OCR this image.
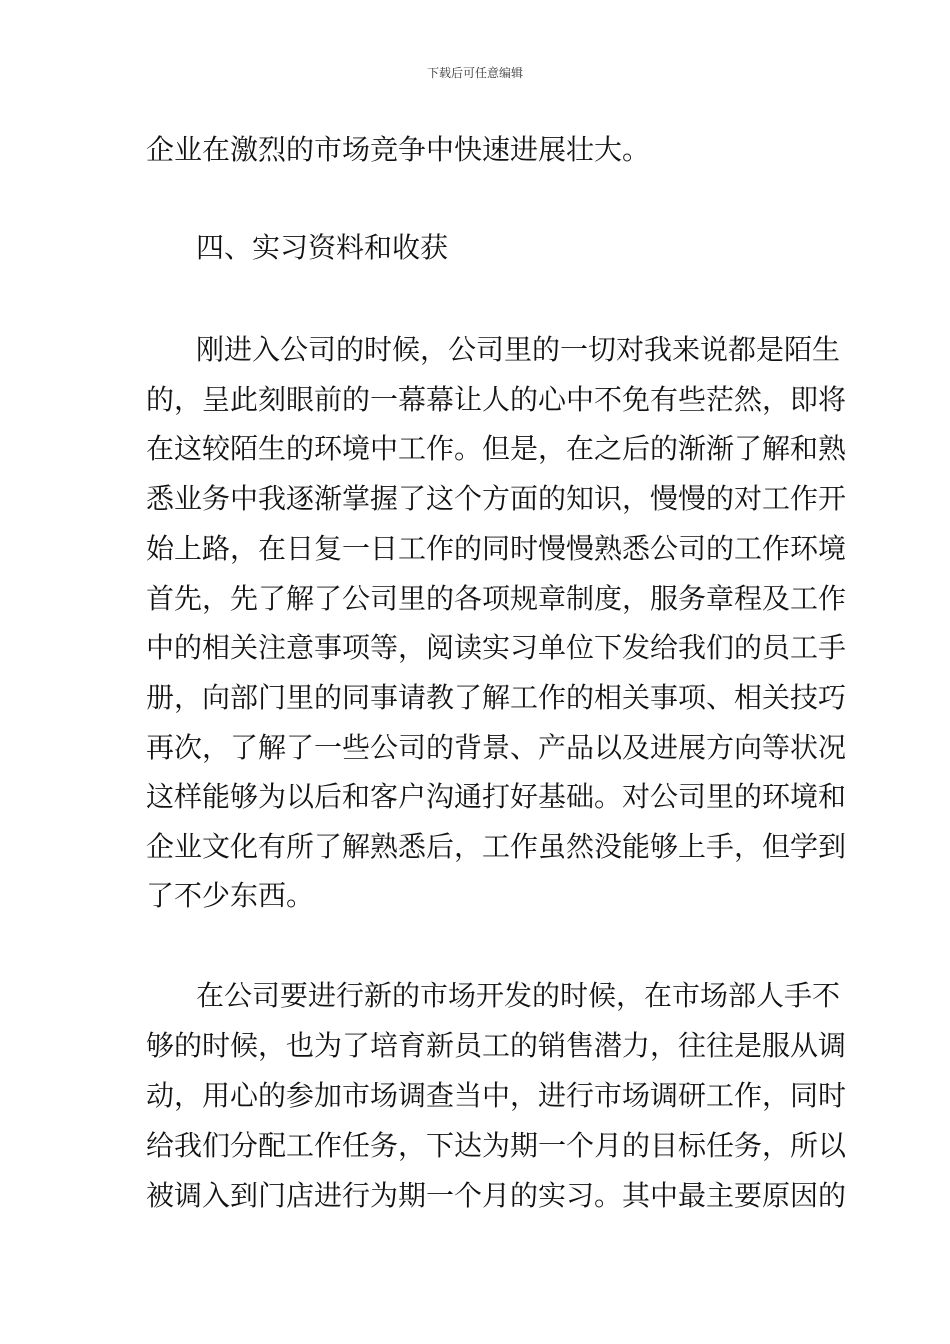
下载后可任意编辑
企业在激烈的市场竞争中快速进展壮大。
四、实习资料和收获
刚进入公司的时候，公司里的一切对我来说都是陌生
的，呈此刻眼前的一幕幕让人的心中不免有些茫然，即将
在这较陌生的环境中工作。但是，在之后的渐渐了解和熟
悉业务中我逐渐掌握了这个方面的知识，慢慢的对工作开
始上路，在日复一日工作的同时慢慢熟悉公司的工作环境
首先，先了解了公司里的各项规章制度，服务章程及工作
中的相关注意事项等，阅读实习单位下发给我们的员工手
册，向部门里的同事请教了解工作的相关事项、相关技巧
再次，了解了一些公司的背景、产品以及进展方向等状况
这样能够为以后和客户沟通打好基础。对公司里的环境和
企业文化有所了解熟悉后，工作虽然没能够上手，但学到
了不少东西。
在公司要进行新的市场开发的时候，在市场部人手不
够的时候，也为了培育新员工的销售潜力，往往是服从调
动，用心的参加市场调查当中，进行市场调研工作，同时
给我们分配工作任务，下达为期一个月的目标任务，所以
被调入到门店进行为期一个月的实习。其中最主要原因的
